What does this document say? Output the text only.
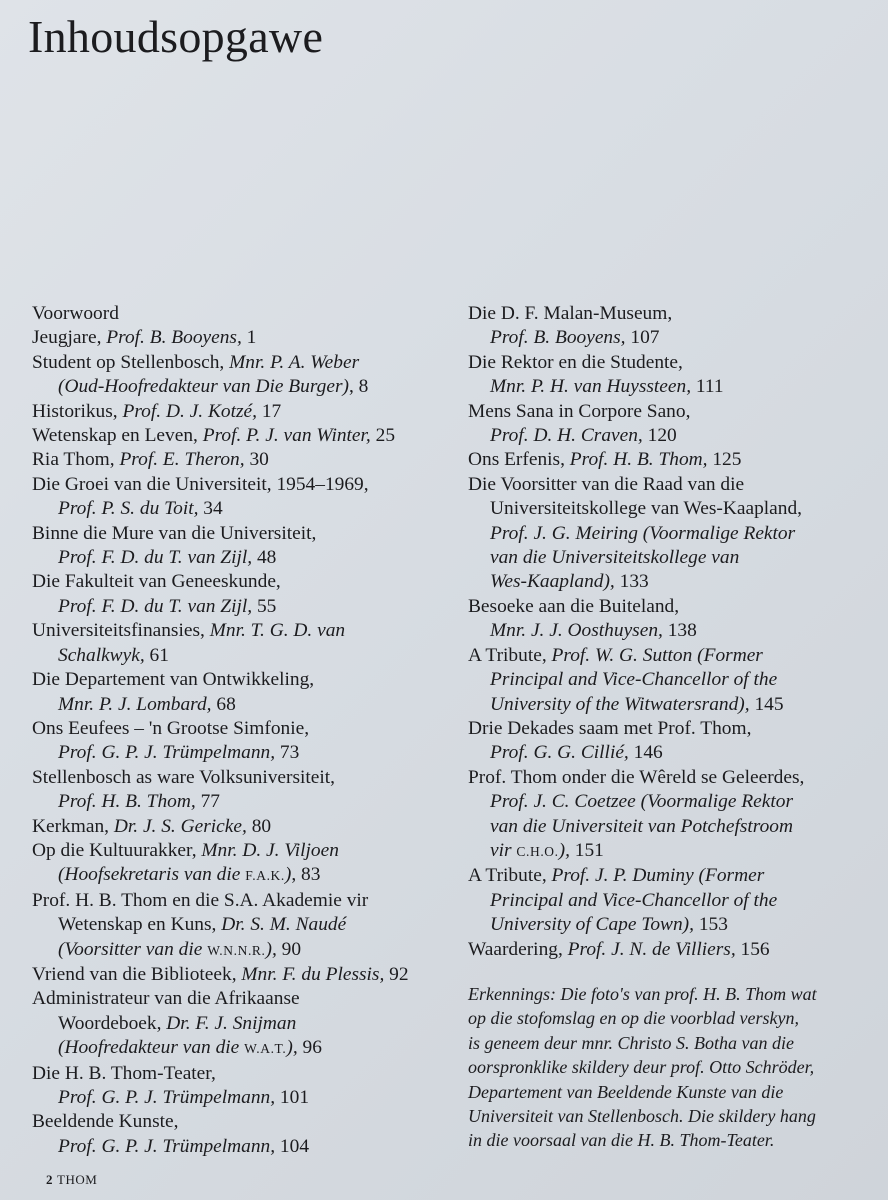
Inhoudsopgawe

Voorwoord

Jeugjare, Prof. B. Booyens, 1

Student op Stellenbosch, Mnr. P. A. Weber
(Oud-Hoofredakteur van Die Burger), 8

Historikus, Prof. D. J. Kotzé, 17

Wetenskap en Leven, Prof. P. J. van Winter, 25

Ria Thom, Prof. E. Theron, 30

Die Groei van die Universiteit, 1954–1969,
Prof. P. S. du Toit, 34

Binne die Mure van die Universiteit,
Prof. F. D. du T. van Zijl, 48

Die Fakulteit van Geneeskunde,
Prof. F. D. du T. van Zijl, 55

Universiteitsfinansies, Mnr. T. G. D. van
Schalkwyk, 61

Die Departement van Ontwikkeling,
Mnr. P. J. Lombard, 68

Ons Eeufees – 'n Grootse Simfonie,
Prof. G. P. J. Trümpelmann, 73

Stellenbosch as ware Volksuniversiteit,
Prof. H. B. Thom, 77

Kerkman, Dr. J. S. Gericke, 80

Op die Kultuurakker, Mnr. D. J. Viljoen
(Hoofsekretaris van die F.A.K.), 83

Prof. H. B. Thom en die S.A. Akademie vir
Wetenskap en Kuns, Dr. S. M. Naudé
(Voorsitter van die W.N.N.R.), 90

Vriend van die Biblioteek, Mnr. F. du Plessis, 92

Administrateur van die Afrikaanse
Woordeboek, Dr. F. J. Snijman
(Hoofredakteur van die W.A.T.), 96

Die H. B. Thom-Teater,
Prof. G. P. J. Trümpelmann, 101

Beeldende Kunste,
Prof. G. P. J. Trümpelmann, 104

Die D. F. Malan-Museum,
Prof. B. Booyens, 107

Die Rektor en die Studente,
Mnr. P. H. van Huyssteen, 111

Mens Sana in Corpore Sano,
Prof. D. H. Craven, 120

Ons Erfenis, Prof. H. B. Thom, 125

Die Voorsitter van die Raad van die
Universiteitskollege van Wes-Kaapland,
Prof. J. G. Meiring (Voormalige Rektor
van die Universiteitskollege van
Wes-Kaapland), 133

Besoeke aan die Buiteland,
Mnr. J. J. Oosthuysen, 138

A Tribute, Prof. W. G. Sutton (Former
Principal and Vice-Chancellor of the
University of the Witwatersrand), 145

Drie Dekades saam met Prof. Thom,
Prof. G. G. Cillié, 146

Prof. Thom onder die Wêreld se Geleerdes,
Prof. J. C. Coetzee (Voormalige Rektor
van die Universiteit van Potchefstroom
vir C.H.O.), 151

A Tribute, Prof. J. P. Duminy (Former
Principal and Vice-Chancellor of the
University of Cape Town), 153

Waardering, Prof. J. N. de Villiers, 156

Erkennings: Die foto's van prof. H. B. Thom wat
op die stofomslag en op die voorblad verskyn,
is geneem deur mnr. Christo S. Botha van die
oorspronklike skildery deur prof. Otto Schröder,
Departement van Beeldende Kunste van die
Universiteit van Stellenbosch. Die skildery hang
in die voorsaal van die H. B. Thom-Teater.
2 THOM
